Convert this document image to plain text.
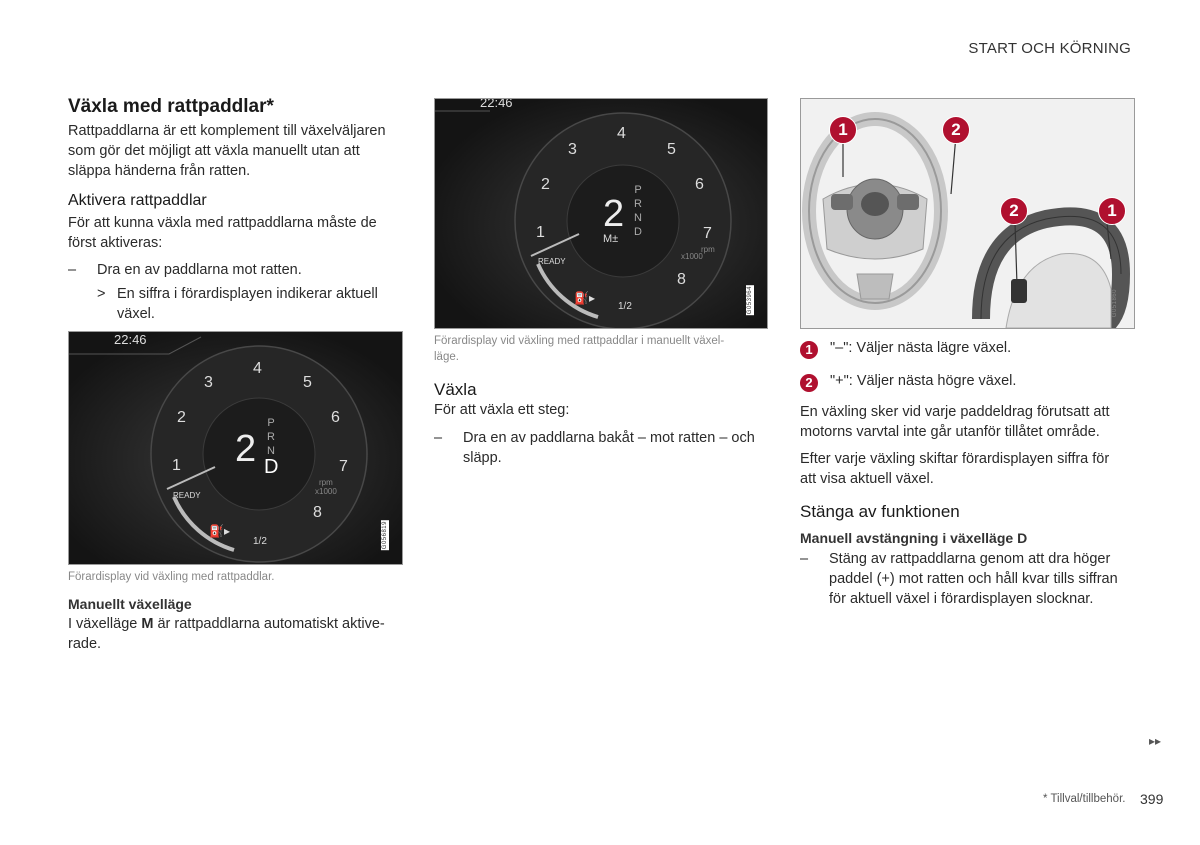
START OCH KÖRNING
Växla med rattpaddlar*
Rattpaddlarna är ett komplement till växelväljaren
som gör det möjligt att växla manuellt utan att
släppa händerna från ratten.
Aktivera rattpaddlar
För att kunna växla med rattpaddlarna måste de
först aktiveras:
– Dra en av paddlarna mot ratten.
> En siffra i förardisplayen indikerar aktuell
växel.
22:46
1
2
3
4
5
6
7
8
2
P
R
N
D
rpm
x1000
READY
⛽▸
1/2	G056819
Förardisplay vid växling med rattpaddlar.
Manuellt växelläge
I växelläge M är rattpaddlarna automatiskt aktive-
rade.
22:46
1
2
3
4
5
6
7
8
2
M±
P
R
N
D
rpm
x1000
READY
⛽▸
1/2	G053964
Förardisplay vid växling med rattpaddlar i manuellt växel-
läge.
Växla
För att växla ett steg:
– Dra en av paddlarna bakåt – mot ratten – och
släpp.
1	2
2	1
G051860
1	"–": Väljer nästa lägre växel.
2	"+": Väljer nästa högre växel.
En växling sker vid varje paddeldrag förutsatt att
motorns varvtal inte går utanför tillåtet område.
Efter varje växling skiftar förardisplayen siffra för
att visa aktuell växel.
Stänga av funktionen
Manuell avstängning i växelläge D
– Stäng av rattpaddlarna genom att dra höger
paddel (+) mot ratten och håll kvar tills siffran
för aktuell växel i förardisplayen slocknar.
▸▸
* Tillval/tillbehör. 399
